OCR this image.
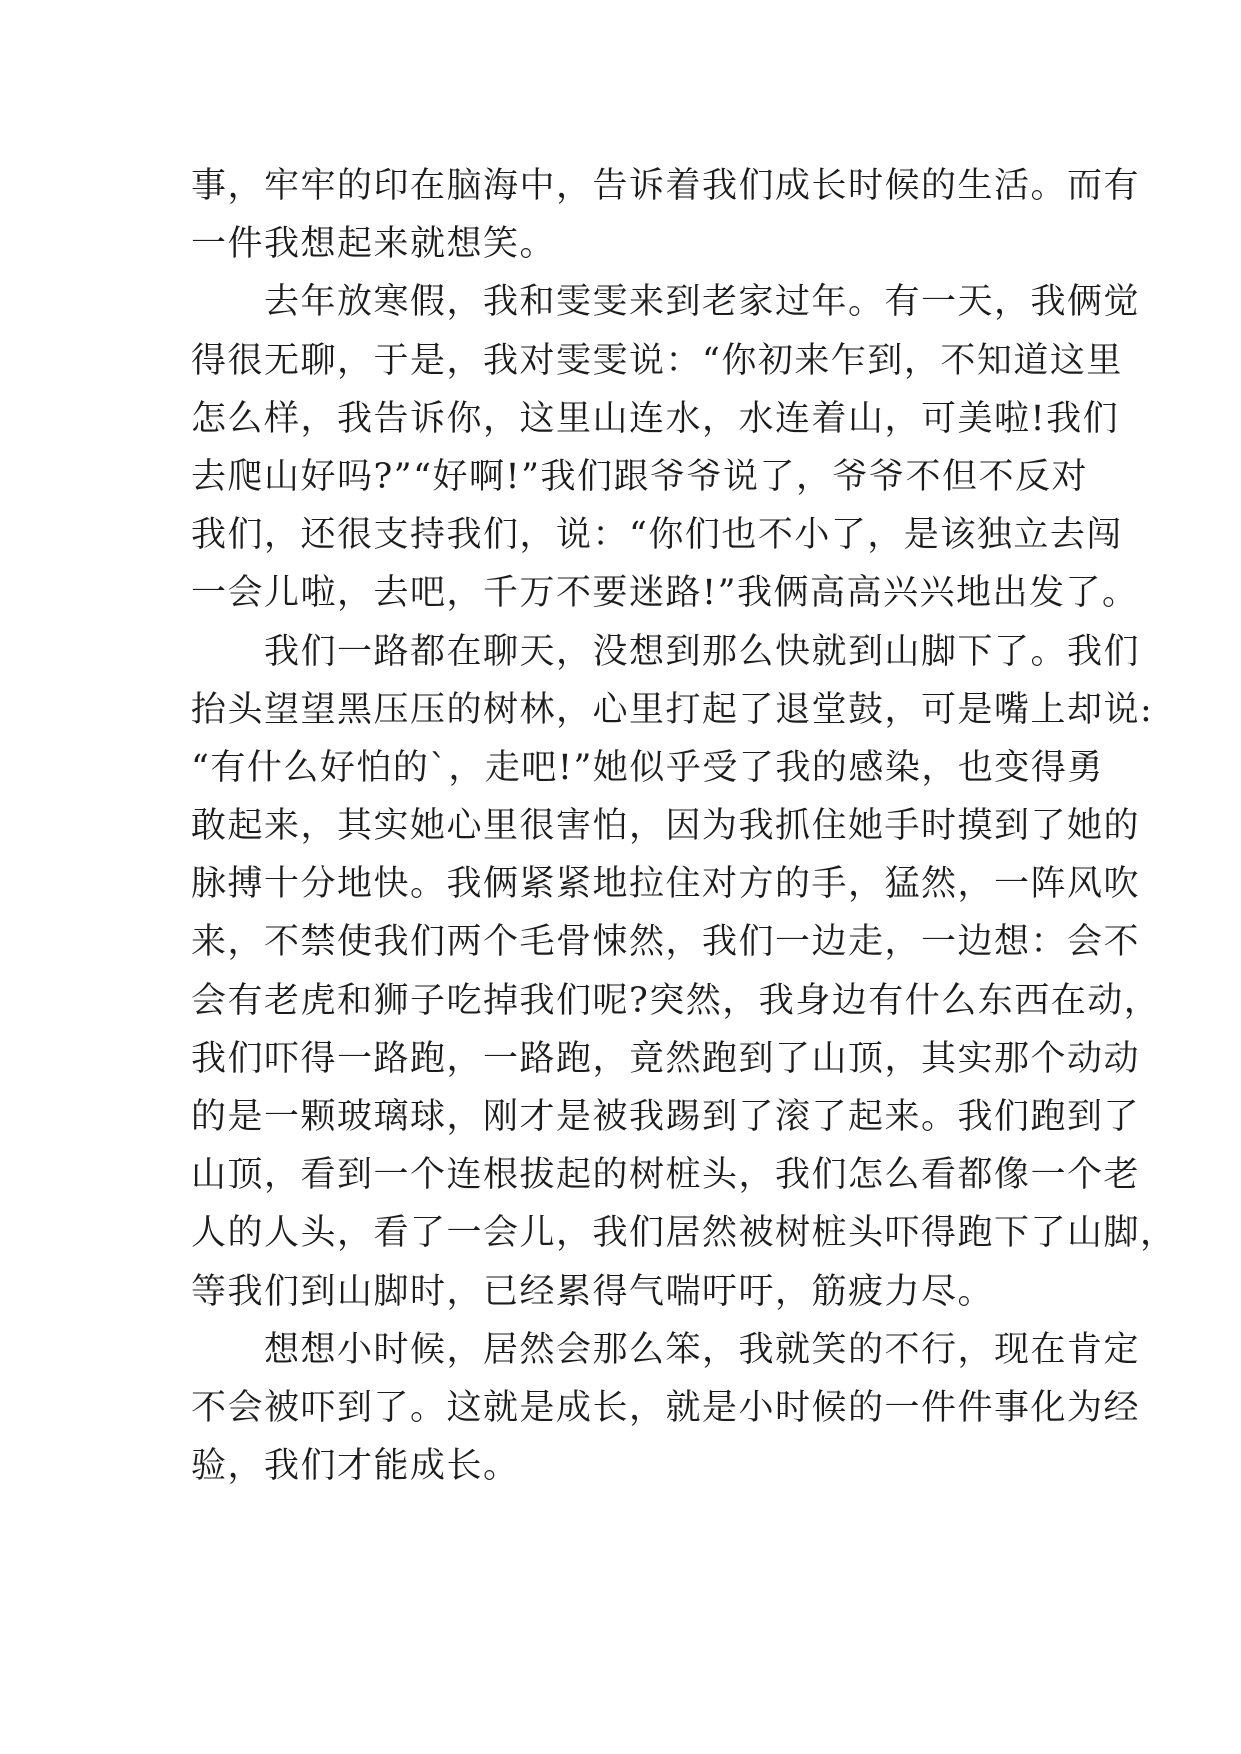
事，牢牢的印在脑海中，告诉着我们成长时候的生活。而有
一件我想起来就想笑。
　　去年放寒假，我和雯雯来到老家过年。有一天，我俩觉
得很无聊，于是，我对雯雯说：“你初来乍到，不知道这里
怎么样，我告诉你，这里山连水，水连着山，可美啦!我们
去爬山好吗?”“好啊!”我们跟爷爷说了，爷爷不但不反对
我们，还很支持我们，说：“你们也不小了，是该独立去闯
一会儿啦，去吧，千万不要迷路!”我俩高高兴兴地出发了。
　　我们一路都在聊天，没想到那么快就到山脚下了。我们
抬头望望黑压压的树林，心里打起了退堂鼓，可是嘴上却说:
“有什么好怕的`，走吧!”她似乎受了我的感染，也变得勇
敢起来，其实她心里很害怕，因为我抓住她手时摸到了她的
脉搏十分地快。我俩紧紧地拉住对方的手，猛然，一阵风吹
来，不禁使我们两个毛骨悚然，我们一边走，一边想：会不
会有老虎和狮子吃掉我们呢?突然，我身边有什么东西在动，
我们吓得一路跑，一路跑，竟然跑到了山顶，其实那个动动
的是一颗玻璃球，刚才是被我踢到了滚了起来。我们跑到了
山顶，看到一个连根拔起的树桩头，我们怎么看都像一个老
人的人头，看了一会儿，我们居然被树桩头吓得跑下了山脚，
等我们到山脚时，已经累得气喘吁吁，筋疲力尽。
　　想想小时候，居然会那么笨，我就笑的不行，现在肯定
不会被吓到了。这就是成长，就是小时候的一件件事化为经
验，我们才能成长。
